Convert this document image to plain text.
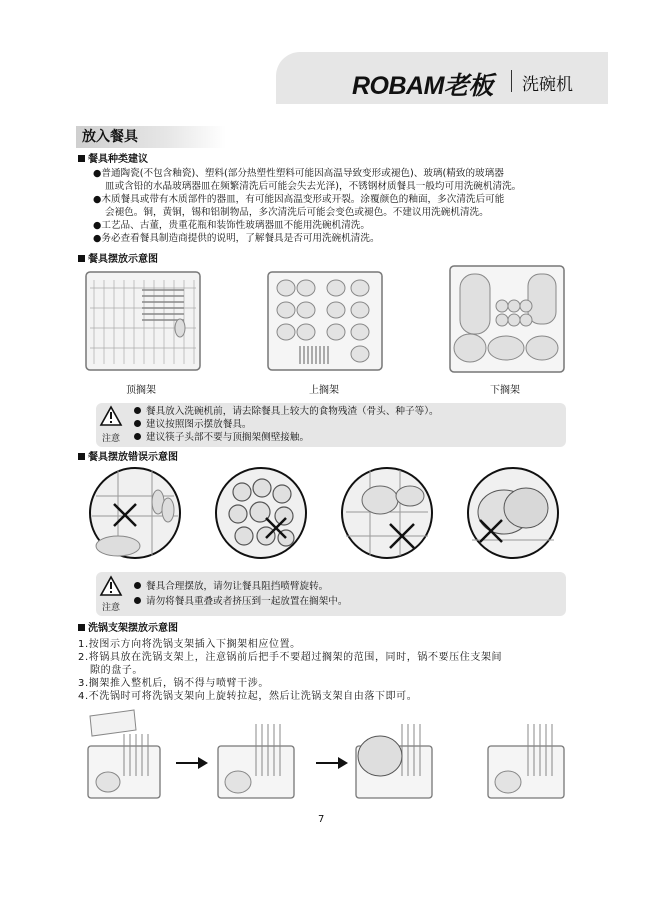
ROBAM老板 洗碗机
放入餐具
餐具种类建议
●普通陶瓷(不包含釉瓷)、塑料(部分热塑性塑料可能因高温导致变形或褪色)、玻璃(精致的玻璃器
皿或含铅的水晶玻璃器皿在频繁清洗后可能会失去光泽)，不锈钢材质餐具一般均可用洗碗机清洗。
●木质餐具或带有木质部件的器皿，有可能因高温变形或开裂。涂覆颜色的釉面，多次清洗后可能
会褪色。铜，黄铜，锡和铝制物品，多次清洗后可能会变色或褪色。不建议用洗碗机清洗。
●工艺品、古董，贵重花瓶和装饰性玻璃器皿不能用洗碗机清洗。
●务必查看餐具制造商提供的说明，了解餐具是否可用洗碗机清洗。
餐具摆放示意图
顶搁架	上搁架	下搁架
注意
餐具放入洗碗机前，请去除餐具上较大的食物残渣（骨头、种子等）。
建议按照图示摆放餐具。
建议筷子头部不要与顶搁架侧壁接触。
餐具摆放错误示意图
注意
餐具合理摆放，请勿让餐具阻挡喷臂旋转。
请勿将餐具重叠或者挤压到一起放置在搁架中。
洗锅支架摆放示意图
1.按图示方向将洗锅支架插入下搁架相应位置。
2.将锅具放在洗锅支架上，注意锅前后把手不要超过搁架的范围，同时，锅不要压住支架间
隙的盘子。
3.搁架推入整机后，锅不得与喷臂干涉。
4.不洗锅时可将洗锅支架向上旋转拉起，然后让洗锅支架自由落下即可。
7
